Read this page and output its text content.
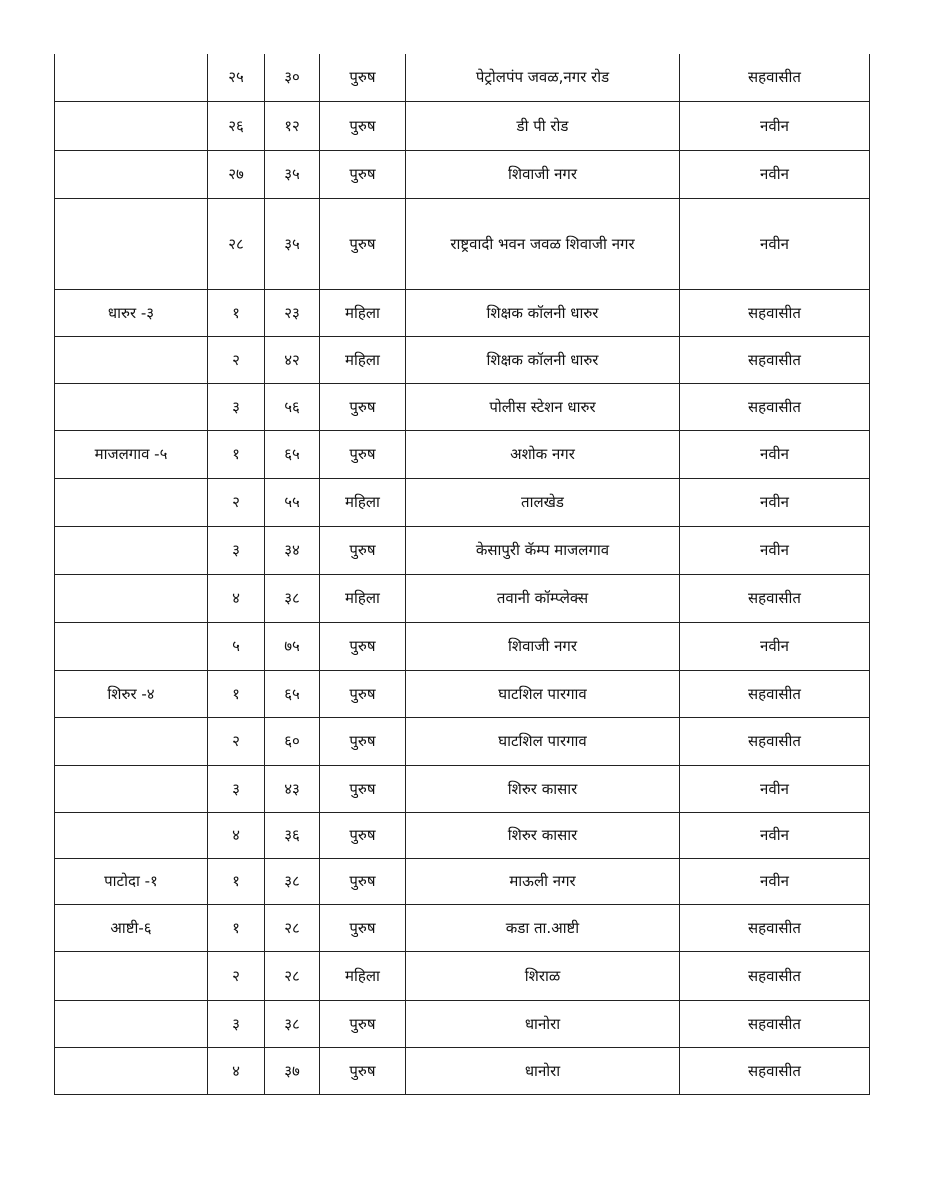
	२५	३०	पुरुष	पेट्रोलपंप जवळ,नगर रोड	सहवासीत
	२६	१२	पुरुष	डी पी रोड	नवीन
	२७	३५	पुरुष	शिवाजी नगर	नवीन
	२८	३५	पुरुष	राष्ट्रवादी भवन जवळ शिवाजी नगर	नवीन
धारुर -३	१	२३	महिला	शिक्षक कॉलनी धारुर	सहवासीत
	२	४२	महिला	शिक्षक कॉलनी धारुर	सहवासीत
	३	५६	पुरुष	पोलीस स्टेशन धारुर	सहवासीत
माजलगाव -५	१	६५	पुरुष	अशोक नगर	नवीन
	२	५५	महिला	तालखेड	नवीन
	३	३४	पुरुष	केसापुरी कॅम्प माजलगाव	नवीन
	४	३८	महिला	तवानी कॉम्प्लेक्स	सहवासीत
	५	७५	पुरुष	शिवाजी नगर	नवीन
शिरुर -४	१	६५	पुरुष	घाटशिल पारगाव	सहवासीत
	२	६०	पुरुष	घाटशिल पारगाव	सहवासीत
	३	४३	पुरुष	शिरुर कासार	नवीन
	४	३६	पुरुष	शिरुर कासार	नवीन
पाटोदा -१	१	३८	पुरुष	माऊली नगर	नवीन
आष्टी-६	१	२८	पुरुष	कडा ता.आष्टी	सहवासीत
	२	२८	महिला	शिराळ	सहवासीत
	३	३८	पुरुष	धानोरा	सहवासीत
	४	३७	पुरुष	धानोरा	सहवासीत
